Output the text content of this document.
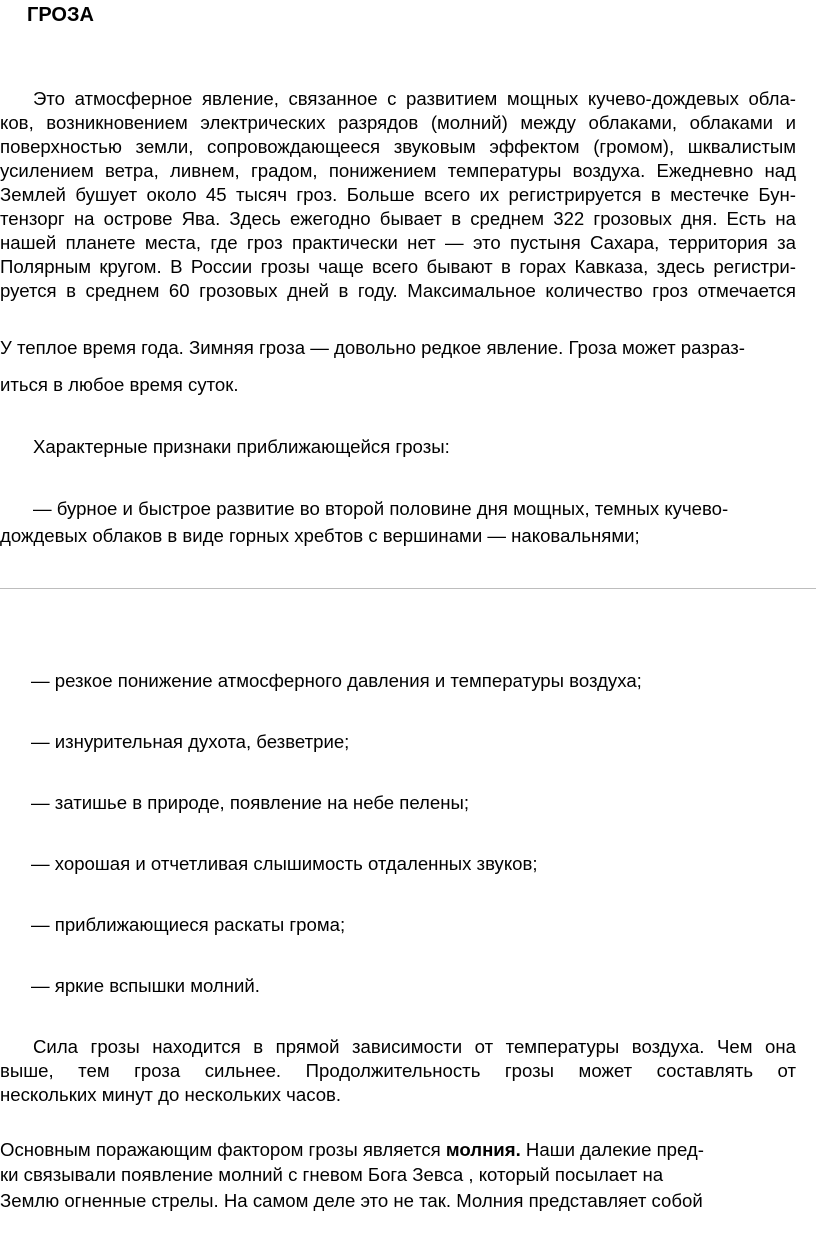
ГРОЗА
Это атмосферное явление, связанное с развитием мощных кучево-дождевых обла-
ков, возникновением электрических разрядов (молний) между облаками, облаками и
поверхностью земли, сопровождающееся звуковым эффектом (громом), шквалистым
усилением ветра, ливнем, градом, понижением температуры воздуха. Ежедневно над
Землей бушует около 45 тысяч гроз. Больше всего их регистрируется в местечке Бун-
тензорг на острове Ява. Здесь ежегодно бывает в среднем 322 грозовых дня. Есть на
нашей планете места, где гроз практически нет — это пустыня Сахара, территория за
Полярным кругом. В России грозы чаще всего бывают в горах Кавказа, здесь регистри-
руется в среднем 60 грозовых дней в году. Максимальное количество гроз отмечается
У теплое время года. Зимняя гроза — довольно редкое явление. Гроза может разраз-
иться в любое время суток.
Характерные признаки приближающейся грозы:
— бурное и быстрое развитие во второй половине дня мощных, темных кучево-
дождевых облаков в виде горных хребтов с вершинами — наковальнями;
— резкое понижение атмосферного давления и температуры воздуха;
— изнурительная духота, безветрие;
— затишье в природе, появление на небе пелены;
— хорошая и отчетливая слышимость отдаленных звуков;
— приближающиеся раскаты грома;
— яркие вспышки молний.
Сила грозы находится в прямой зависимости от температуры воздуха. Чем она
выше, тем гроза сильнее. Продолжительность грозы может составлять от
нескольких минут до нескольких часов.
Основным поражающим фактором грозы является молния. Наши далекие пред-
ки связывали появление молний с гневом Бога Зевса , который посылает на
Землю огненные стрелы. На самом деле это не так. Молния представляет собой
